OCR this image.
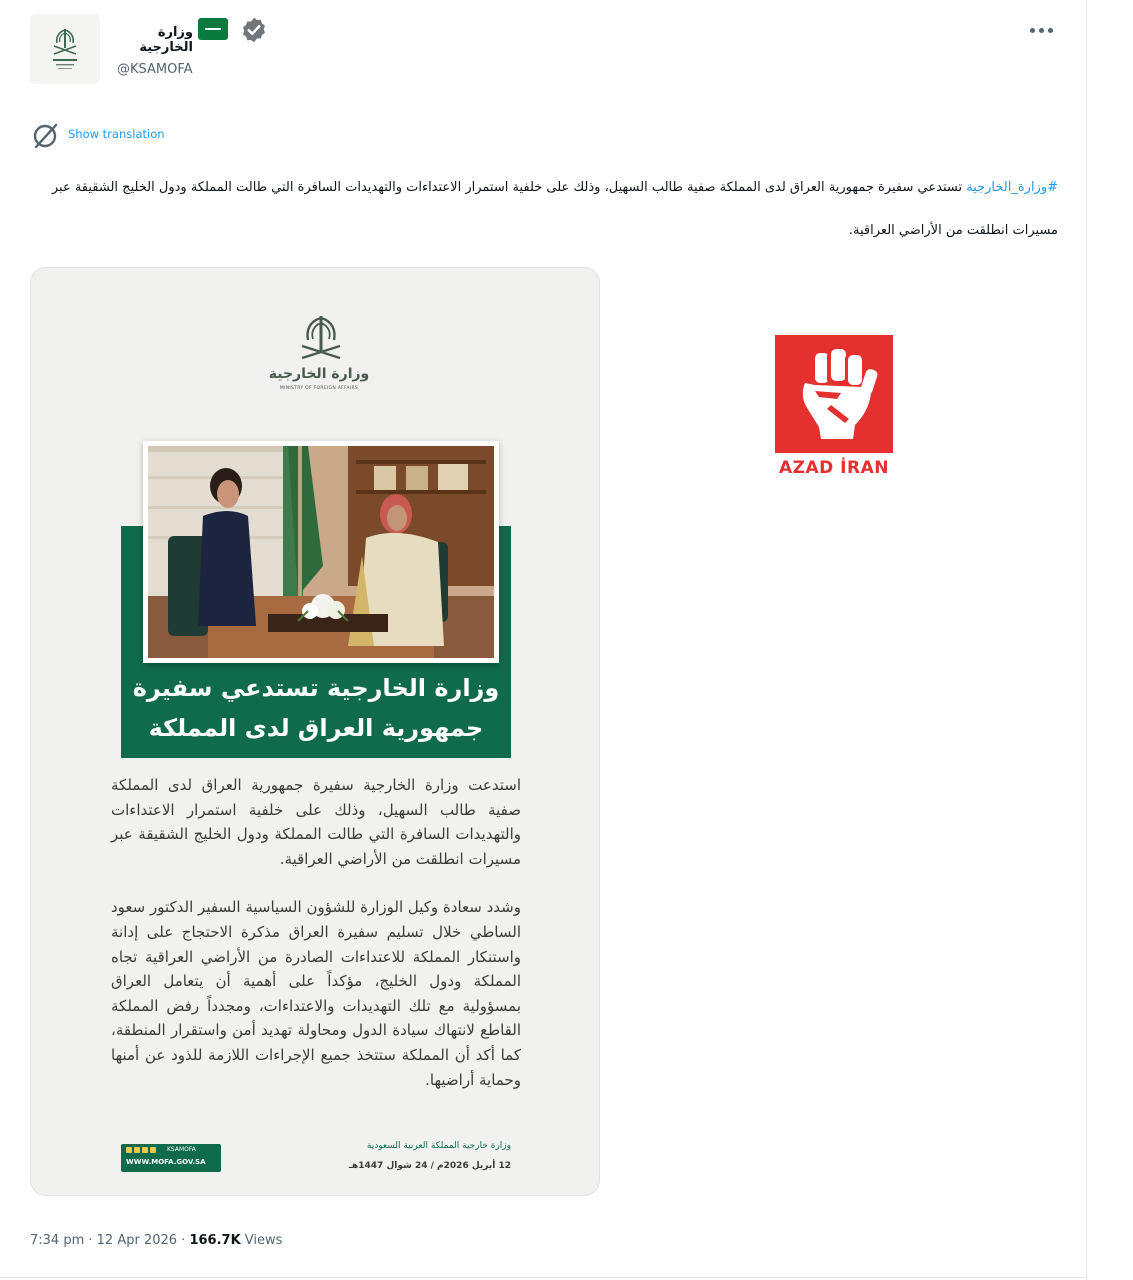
وزارة الخارجية
@KSAMOFA
Show translation
#وزارة_الخارجية تستدعي سفيرة جمهورية العراق لدى المملكة صفية طالب السهيل، وذلك على خلفية استمرار الاعتداءات والتهديدات السافرة التي طالت المملكة ودول الخليج الشقيقة عبر مسيرات انطلقت من الأراضي العراقية.
وزارة الخارجية
MINISTRY OF FOREIGN AFFAIRS
وزارة الخارجية تستدعي سفيرة
جمهورية العراق لدى المملكة

استدعت وزارة الخارجية سفيرة جمهورية العراق لدى المملكة صفية طالب السهيل، وذلك على خلفية استمرار الاعتداءات والتهديدات السافرة التي طالت المملكة ودول الخليج الشقيقة عبر مسيرات انطلقت من الأراضي العراقية.

وشدد سعادة وكيل الوزارة للشؤون السياسية السفير الدكتور سعود الساطي خلال تسليم سفيرة العراق مذكرة الاحتجاج على إدانة واستنكار المملكة للاعتداءات الصادرة من الأراضي العراقية تجاه المملكة ودول الخليج، مؤكداً على أهمية أن يتعامل العراق بمسؤولية مع تلك التهديدات والاعتداءات، ومجدداً رفض المملكة القاطع لانتهاك سيادة الدول ومحاولة تهديد أمن واستقرار المنطقة، كما أكد أن المملكة ستتخذ جميع الإجراءات اللازمة للذود عن أمنها وحماية أراضيها.

KSAMOFA
WWW.MOFA.GOV.SA
وزارة خارجية المملكة العربية السعودية
12 أبريل 2026م / 24 شوال 1447هـ
AZAD İRAN
7:34 pm · 12 Apr 2026 · 166.7K Views
